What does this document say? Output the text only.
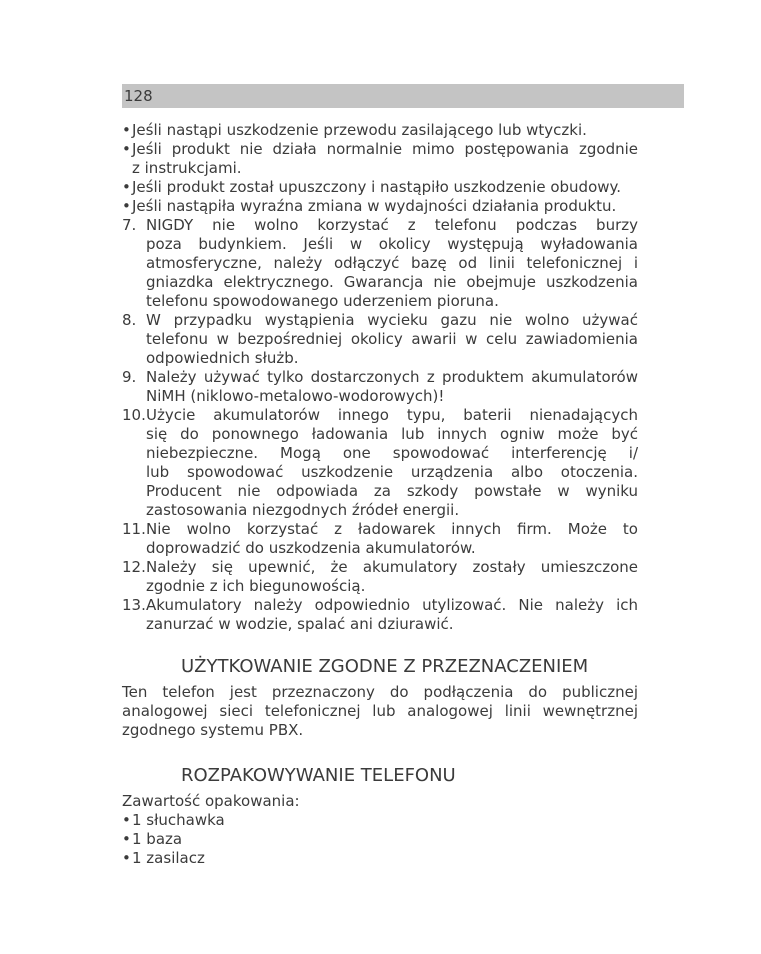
128
• Jeśli nastąpi uszkodzenie przewodu zasilającego lub wtyczki.
• Jeśli produkt nie działa normalnie mimo postępowania zgodnie
z instrukcjami.
• Jeśli produkt został upuszczony i nastąpiło uszkodzenie obudowy.
• Jeśli nastąpiła wyraźna zmiana w wydajności działania produktu.
7. NIGDY nie wolno korzystać z telefonu podczas burzy
poza budynkiem. Jeśli w okolicy występują wyładowania
atmosferyczne, należy odłączyć bazę od linii telefonicznej i
gniazdka elektrycznego. Gwarancja nie obejmuje uszkodzenia
telefonu spowodowanego uderzeniem pioruna.
8. W przypadku wystąpienia wycieku gazu nie wolno używać
telefonu w bezpośredniej okolicy awarii w celu zawiadomienia
odpowiednich służb.
9. Należy używać tylko dostarczonych z produktem akumulatorów
NiMH (niklowo-metalowo-wodorowych)!
10. Użycie akumulatorów innego typu, baterii nienadających
się do ponownego ładowania lub innych ogniw może być
niebezpieczne. Mogą one spowodować interferencję i/
lub spowodować uszkodzenie urządzenia albo otoczenia.
Producent nie odpowiada za szkody powstałe w wyniku
zastosowania niezgodnych źródeł energii.
11. Nie wolno korzystać z ładowarek innych firm. Może to
doprowadzić do uszkodzenia akumulatorów.
12. Należy się upewnić, że akumulatory zostały umieszczone
zgodnie z ich biegunowością.
13. Akumulatory należy odpowiednio utylizować. Nie należy ich
zanurzać w wodzie, spalać ani dziurawić.
UŻYTKOWANIE ZGODNE Z PRZEZNACZENIEM
Ten telefon jest przeznaczony do podłączenia do publicznej
analogowej sieci telefonicznej lub analogowej linii wewnętrznej
zgodnego systemu PBX.
ROZPAKOWYWANIE TELEFONU
Zawartość opakowania:
• 1 słuchawka
• 1 baza
• 1 zasilacz
